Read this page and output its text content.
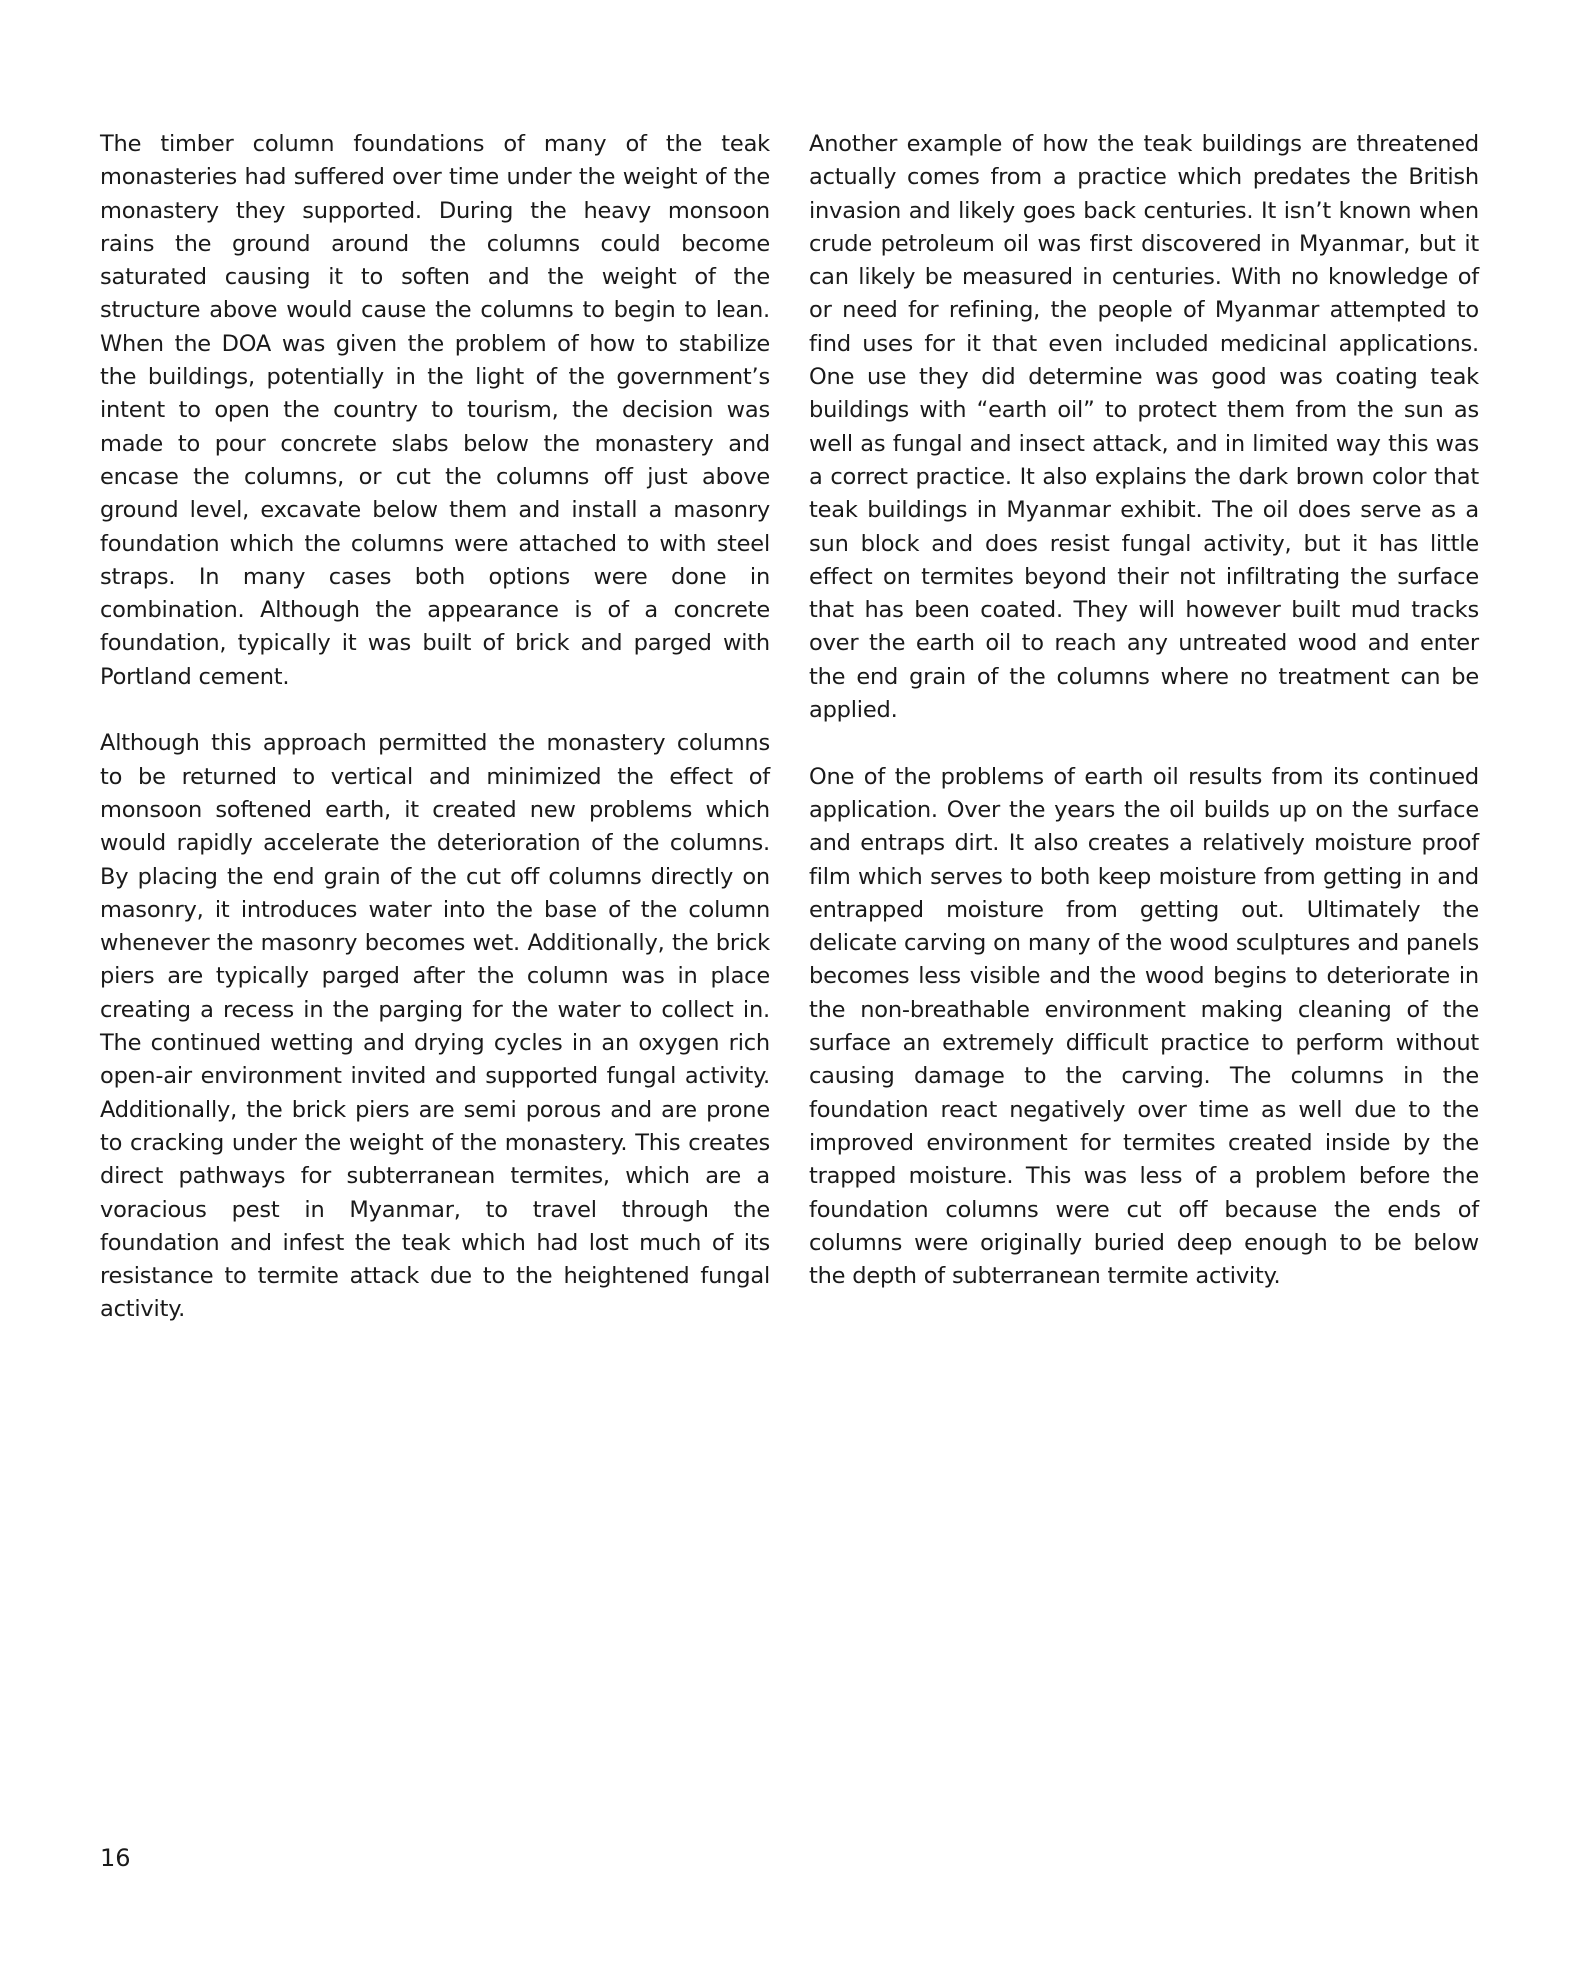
The timber column foundations of many of the teak monasteries had suffered over time under the weight of the monastery they supported. During the heavy monsoon rains the ground around the columns could become saturated causing it to soften and the weight of the structure above would cause the columns to begin to lean. When the DOA was given the problem of how to stabilize the buildings, potentially in the light of the government’s intent to open the country to tourism, the decision was made to pour concrete slabs below the monastery and encase the columns, or cut the columns off just above ground level, excavate below them and install a masonry foundation which the columns were attached to with steel straps. In many cases both options were done in combination. Although the appearance is of a concrete foundation, typically it was built of brick and parged with Portland cement.

Although this approach permitted the monastery columns to be returned to vertical and minimized the effect of monsoon softened earth, it created new problems which would rapidly accelerate the deterioration of the columns. By placing the end grain of the cut off columns directly on masonry, it introduces water into the base of the column whenever the masonry becomes wet. Additionally, the brick piers are typically parged after the column was in place creating a recess in the parging for the water to collect in. The continued wetting and drying cycles in an oxygen rich open-air environment invited and supported fungal activity. Additionally, the brick piers are semi porous and are prone to cracking under the weight of the monastery. This creates direct pathways for subterranean termites, which are a voracious pest in Myanmar, to travel through the foundation and infest the teak which had lost much of its resistance to termite attack due to the heightened fungal activity.

Another example of how the teak buildings are threatened actually comes from a practice which predates the British invasion and likely goes back centuries. It isn’t known when crude petroleum oil was first discovered in Myanmar, but it can likely be measured in centuries. With no knowledge of or need for refining, the people of Myanmar attempted to find uses for it that even included medicinal applications. One use they did determine was good was coating teak buildings with “earth oil” to protect them from the sun as well as fungal and insect attack, and in limited way this was a correct practice. It also explains the dark brown color that teak buildings in Myanmar exhibit. The oil does serve as a sun block and does resist fungal activity, but it has little effect on termites beyond their not infiltrating the surface that has been coated. They will however built mud tracks over the earth oil to reach any untreated wood and enter the end grain of the columns where no treatment can be applied.

One of the problems of earth oil results from its continued application. Over the years the oil builds up on the surface and entraps dirt. It also creates a relatively moisture proof film which serves to both keep moisture from getting in and entrapped moisture from getting out. Ultimately the delicate carving on many of the wood sculptures and panels becomes less visible and the wood begins to deteriorate in the non-breathable environment making cleaning of the surface an extremely difficult practice to perform without causing damage to the carving. The columns in the foundation react negatively over time as well due to the improved environment for termites created inside by the trapped moisture. This was less of a problem before the foundation columns were cut off because the ends of columns were originally buried deep enough to be below the depth of subterranean termite activity.

16
